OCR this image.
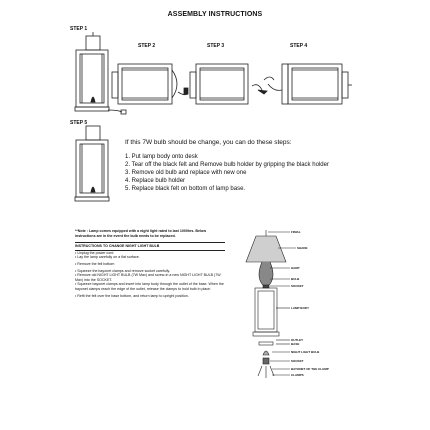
ASSEMBLY INSTRUCTIONS
STEP 1
STEP 2	STEP 3	STEP 4
STEP 5
If this 7W bulb should be change, you can do these steps:
1. Put lamp body onto desk
2. Tear off the black felt and Remove bulb holder by gripping the black holder
3. Remove old bulb and replace with new one
4. Replace bulb holder
5. Replace black felt on bottom of lamp base.
**Note : Lamp comes equipped with a night light rated to last 1000hrs. Below instructions are in the event the bulb needs to be replaced.
INSTRUCTIONS TO CHANGE NIGHT LIGHT BULB
• Unplug the power cord
• Lay the lamp carefully on a flat surface.
• Remove the felt bottom
• Squeeze the bayonet clamps and remove socket carefully.
• Remove old NIGHT LIGHT BULB (7W Max) and screw-in a new NIGHT LIGHT BULB (7W Max) into the SOCKET.
• Squeeze bayonet clamps and insert into lamp body through the outlet of the base. When the bayonet clamps reach the edge of the outlet, release the clamps to hold bulb in place.
• Refit the felt over the base bottom, and return lamp to upright position.
FINIAL
SHADE
HARP
BULB
SOCKET
LAMP BODY
OUTLET
BASE
NIGHT LIGHT BULB
SOCKET
BAYONET OF THE CLAMP
CLAMPS
